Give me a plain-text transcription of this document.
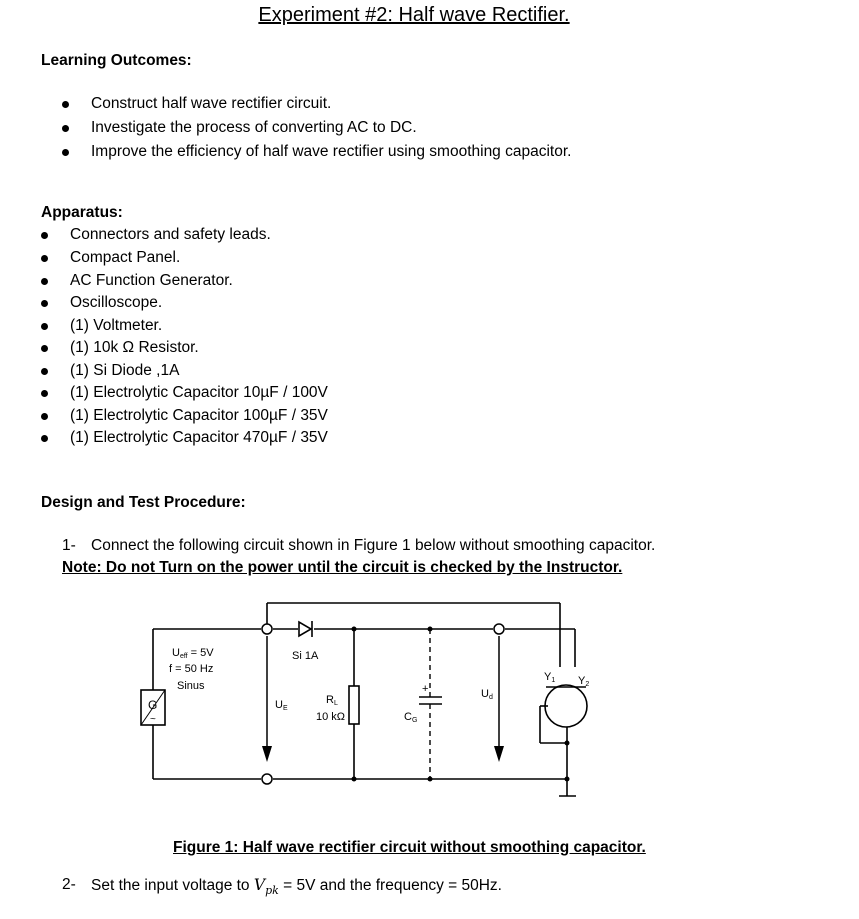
Experiment #2: Half wave Rectifier.
Learning Outcomes:
Construct half wave rectifier circuit.
Investigate the process of converting AC to DC.
Improve the efficiency of half wave rectifier using smoothing capacitor.
Apparatus:
Connectors and safety leads.
Compact Panel.
AC Function Generator.
Oscilloscope.
(1) Voltmeter.
(1) 10k Ω Resistor.
(1) Si Diode ,1A
(1) Electrolytic Capacitor 10µF / 100V
(1) Electrolytic Capacitor 100µF / 35V
(1) Electrolytic Capacitor 470µF / 35V
Design and Test Procedure:
1- Connect the following circuit shown in Figure 1 below without smoothing capacitor.
Note: Do not Turn on the power until the circuit is checked by the Instructor.
G
~
+
Ueff = 5V
f = 50 Hz
Sinus
Si 1A
UE
RL
10 kΩ	CG
Ud
Y1 Y2
Figure 1: Half wave rectifier circuit without smoothing capacitor.
2- Set the input voltage to $V_{pk} = 5V$ and the frequency = 50Hz.
